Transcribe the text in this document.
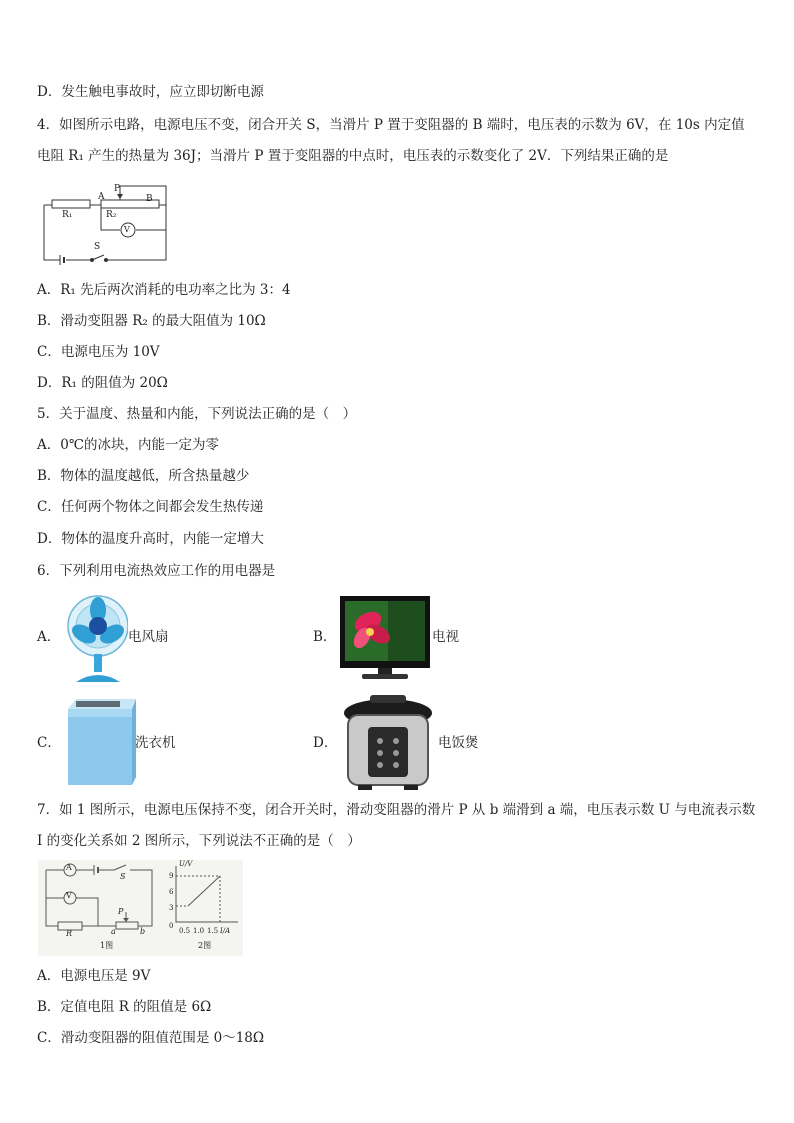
D．发生触电事故时，应立即切断电源
4．如图所示电路，电源电压不变，闭合开关 S，当滑片 P 置于变阻器的 B 端时，电压表的示数为 6V，在 10s 内定值
电阻 R₁ 产生的热量为 36J；当滑片 P 置于变阻器的中点时，电压表的示数变化了 2V．下列结果正确的是
P
A	B
R₁	R₂
V
S
A．R₁ 先后两次消耗的电功率之比为 3：4
B．滑动变阻器 R₂ 的最大阻值为 10Ω
C．电源电压为 10V
D．R₁ 的阻值为 20Ω
5．关于温度、热量和内能，下列说法正确的是（　）
A．0℃的冰块，内能一定为零
B．物体的温度越低，所含热量越少
C．任何两个物体之间都会发生热传递
D．物体的温度升高时，内能一定增大
6．下列利用电流热效应工作的用电器是
A．	电风扇	B．	电视
C．	洗衣机	D．	电饭煲
7．如 1 图所示，电源电压保持不变，闭合开关时，滑动变阻器的滑片 P 从 b 端滑到 a 端，电压表示数 U 与电流表示数
I 的变化关系如 2 图所示，下列说法不正确的是（　）
A
V
S
R
P
a	b
1图
U/V
9
6
3
0
0.5 1.0 1.5 I/A
2图
A．电源电压是 9V
B．定值电阻 R 的阻值是 6Ω
C．滑动变阻器的阻值范围是 0～18Ω
